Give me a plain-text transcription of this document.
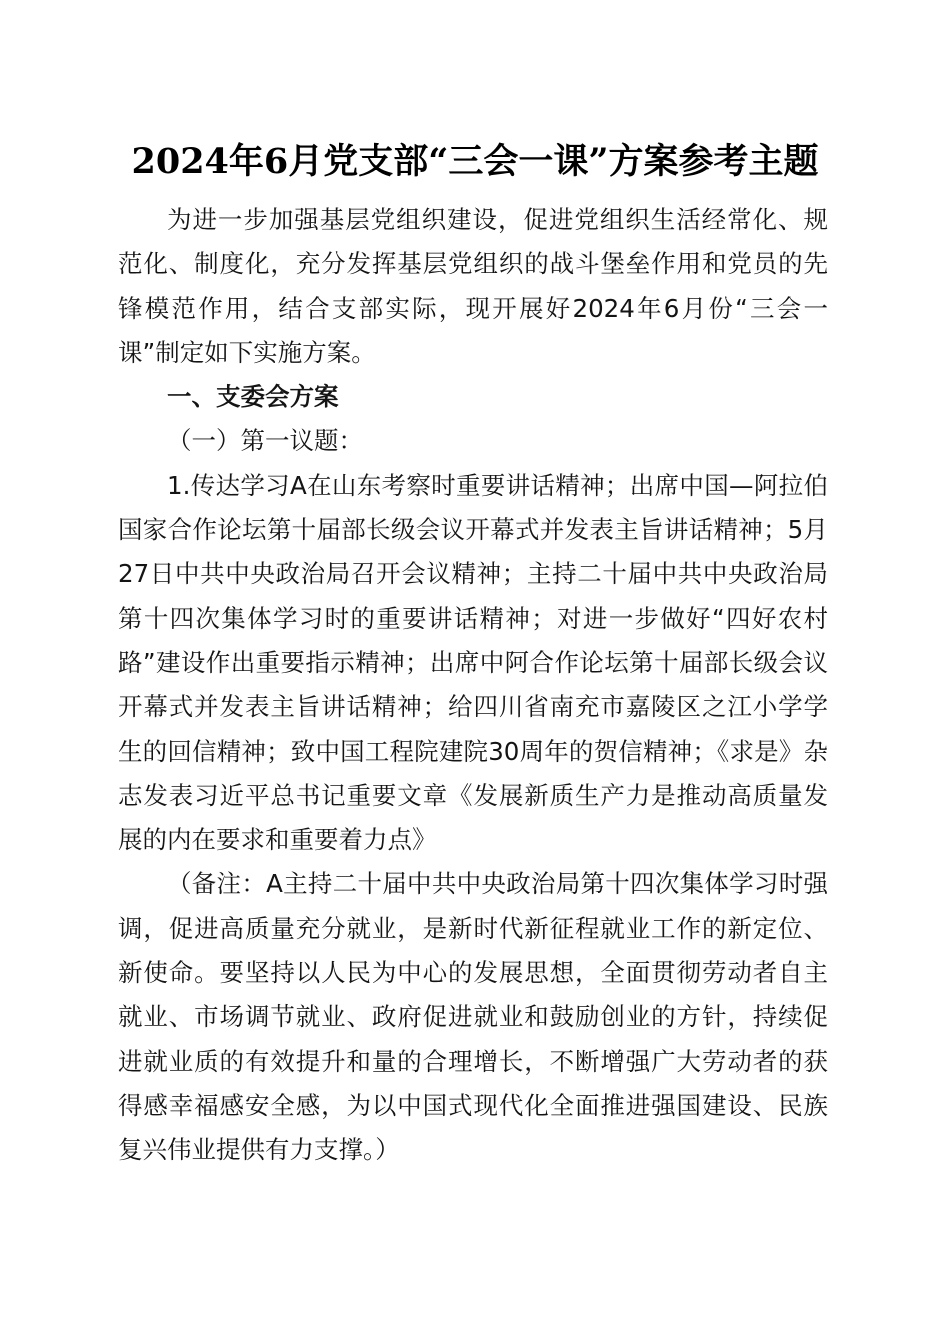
2024年6月党支部“三会一课”方案参考主题

为进一步加强基层党组织建设，促进党组织生活经常化、规范化、制度化，充分发挥基层党组织的战斗堡垒作用和党员的先锋模范作用，结合支部实际，现开展好2024年6月份“三会一课”制定如下实施方案。

一、支委会方案

（一）第一议题：

1.传达学习A在山东考察时重要讲话精神；出席中国—阿拉伯国家合作论坛第十届部长级会议开幕式并发表主旨讲话精神；5月27日中共中央政治局召开会议精神；主持二十届中共中央政治局第十四次集体学习时的重要讲话精神；对进一步做好“四好农村路”建设作出重要指示精神；出席中阿合作论坛第十届部长级会议开幕式并发表主旨讲话精神；给四川省南充市嘉陵区之江小学学生的回信精神；致中国工程院建院30周年的贺信精神；《求是》杂志发表习近平总书记重要文章《发展新质生产力是推动高质量发展的内在要求和重要着力点》

（备注：A主持二十届中共中央政治局第十四次集体学习时强调，促进高质量充分就业，是新时代新征程就业工作的新定位、新使命。要坚持以人民为中心的发展思想，全面贯彻劳动者自主就业、市场调节就业、政府促进就业和鼓励创业的方针，持续促进就业质的有效提升和量的合理增长，不断增强广大劳动者的获得感幸福感安全感，为以中国式现代化全面推进强国建设、民族复兴伟业提供有力支撑。）
